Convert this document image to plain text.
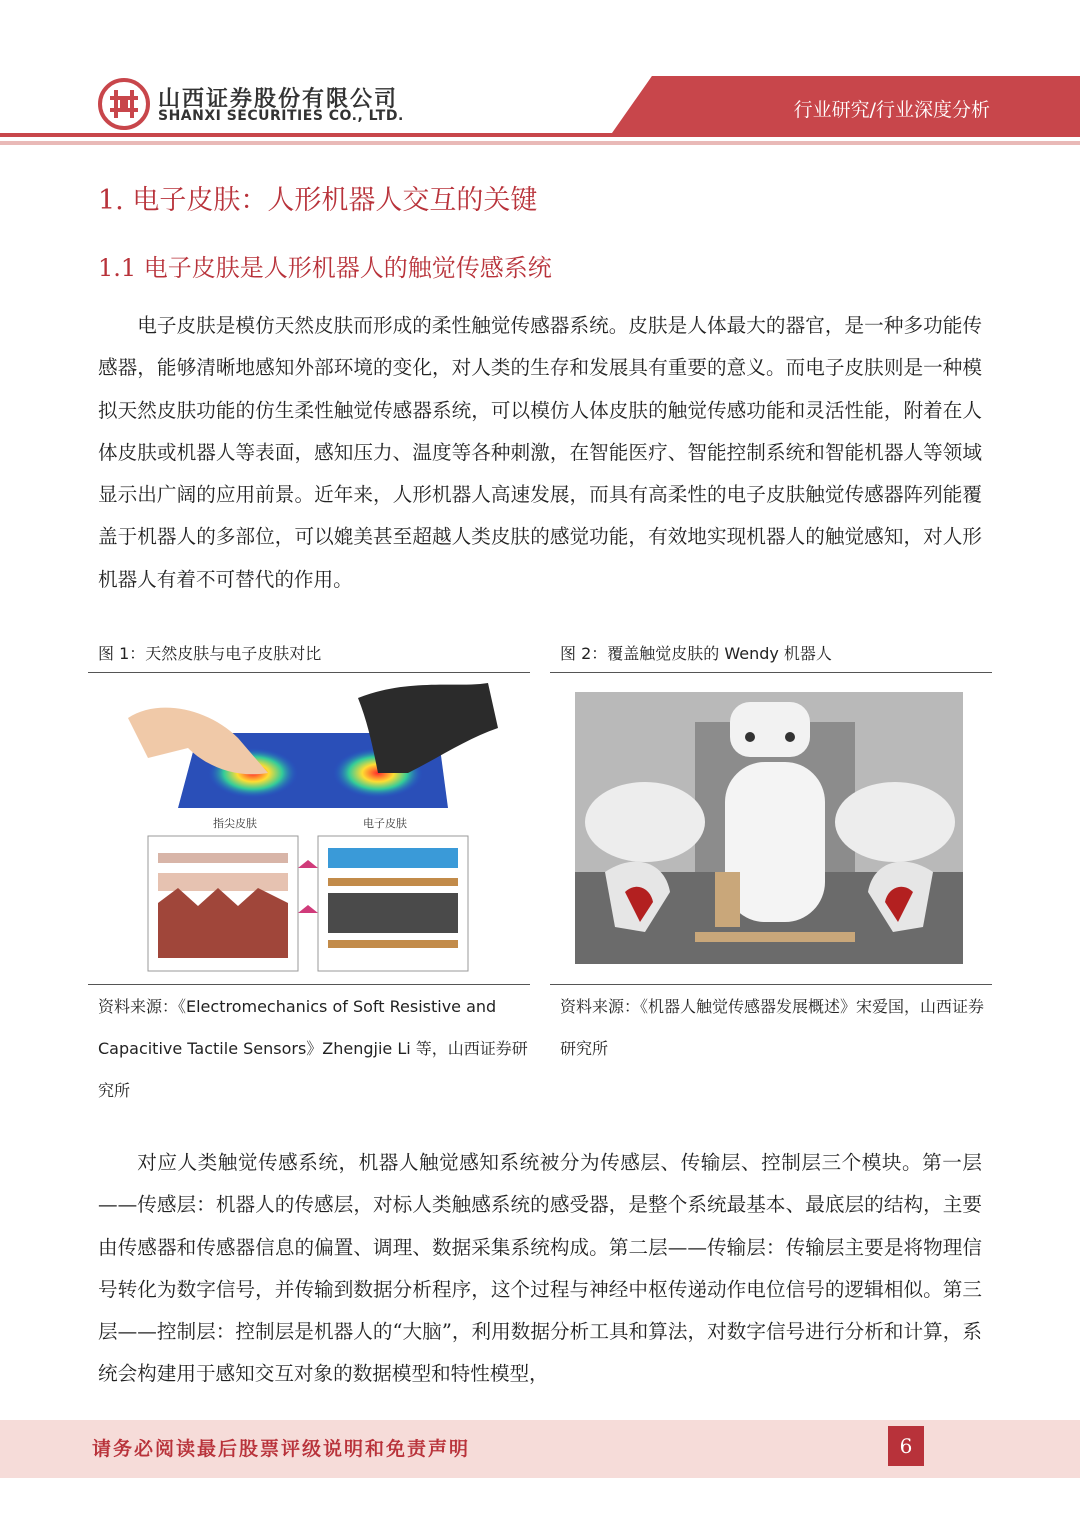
山西证券股份有限公司
SHANXI SECURITIES CO., LTD.	行业研究/行业深度分析
1. 电子皮肤：人形机器人交互的关键
1.1 电子皮肤是人形机器人的触觉传感系统

电子皮肤是模仿天然皮肤而形成的柔性触觉传感器系统。皮肤是人体最大的器官，是一种多功能传感器，能够清晰地感知外部环境的变化，对人类的生存和发展具有重要的意义。而电子皮肤则是一种模拟天然皮肤功能的仿生柔性触觉传感器系统，可以模仿人体皮肤的触觉传感功能和灵活性能，附着在人体皮肤或机器人等表面，感知压力、温度等各种刺激，在智能医疗、智能控制系统和智能机器人等领域显示出广阔的应用前景。近年来，人形机器人高速发展，而具有高柔性的电子皮肤触觉传感器阵列能覆盖于机器人的多部位，可以媲美甚至超越人类皮肤的感觉功能，有效地实现机器人的触觉感知，对人形机器人有着不可替代的作用。

图 1：天然皮肤与电子皮肤对比
指尖皮肤	电子皮肤
资料来源：《Electromechanics of Soft Resistive and Capacitive Tactile Sensors》Zhengjie Li 等，山西证券研究所
图 2：覆盖触觉皮肤的 Wendy 机器人
资料来源：《机器人触觉传感器发展概述》宋爱国，山西证券研究所

对应人类触觉传感系统，机器人触觉感知系统被分为传感层、传输层、控制层三个模块。第一层——传感层：机器人的传感层，对标人类触感系统的感受器，是整个系统最基本、最底层的结构，主要由传感器和传感器信息的偏置、调理、数据采集系统构成。第二层——传输层：传输层主要是将物理信号转化为数字信号，并传输到数据分析程序，这个过程与神经中枢传递动作电位信号的逻辑相似。第三层——控制层：控制层是机器人的“大脑”，利用数据分析工具和算法，对数字信号进行分析和计算，系统会构建用于感知交互对象的数据模型和特性模型，

请务必阅读最后股票评级说明和免责声明	6
